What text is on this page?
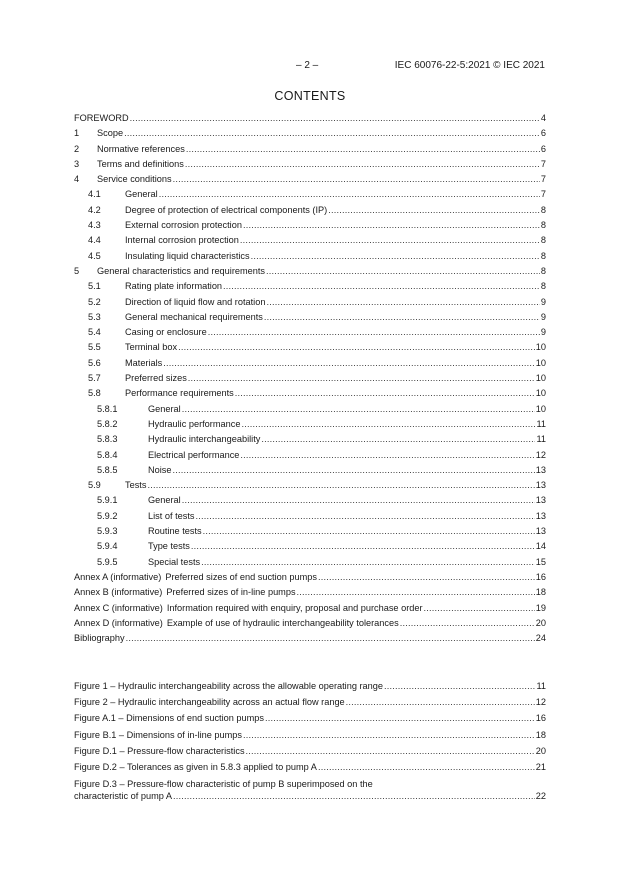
– 2 –	IEC 60076-22-5:2021 © IEC 2021
CONTENTS
FOREWORD .....	4
1	Scope .....	6
2	Normative references .....	6
3	Terms and definitions .....	7
4	Service conditions .....	7
4.1	General .....	7
4.2	Degree of protection of electrical components (IP) .....	8
4.3	External corrosion protection .....	8
4.4	Internal corrosion protection .....	8
4.5	Insulating liquid characteristics .....	8
5	General characteristics and requirements .....	8
5.1	Rating plate information .....	8
5.2	Direction of liquid flow and rotation .....	9
5.3	General mechanical requirements .....	9
5.4	Casing or enclosure .....	9
5.5	Terminal box .....	10
5.6	Materials .....	10
5.7	Preferred sizes .....	10
5.8	Performance requirements .....	10
5.8.1	General .....	10
5.8.2	Hydraulic performance .....	11
5.8.3	Hydraulic interchangeability .....	11
5.8.4	Electrical performance .....	12
5.8.5	Noise .....	13
5.9	Tests .....	13
5.9.1	General .....	13
5.9.2	List of tests .....	13
5.9.3	Routine tests .....	13
5.9.4	Type tests .....	14
5.9.5	Special tests .....	15
Annex A (informative) Preferred sizes of end suction pumps .....	16
Annex B (informative) Preferred sizes of in-line pumps .....	18
Annex C (informative) Information required with enquiry, proposal and purchase order .....	19
Annex D (informative) Example of use of hydraulic interchangeability tolerances .....	20
Bibliography .....	24
Figure 1 – Hydraulic interchangeability across the allowable operating range .....	11
Figure 2 – Hydraulic interchangeability across an actual flow range .....	12
Figure A.1 – Dimensions of end suction pumps .....	16
Figure B.1 – Dimensions of in-line pumps .....	18
Figure D.1 – Pressure-flow characteristics .....	20
Figure D.2 – Tolerances as given in 5.8.3 applied to pump A .....	21
Figure D.3 – Pressure-flow characteristic of pump B superimposed on the
characteristic of pump A .....	22
